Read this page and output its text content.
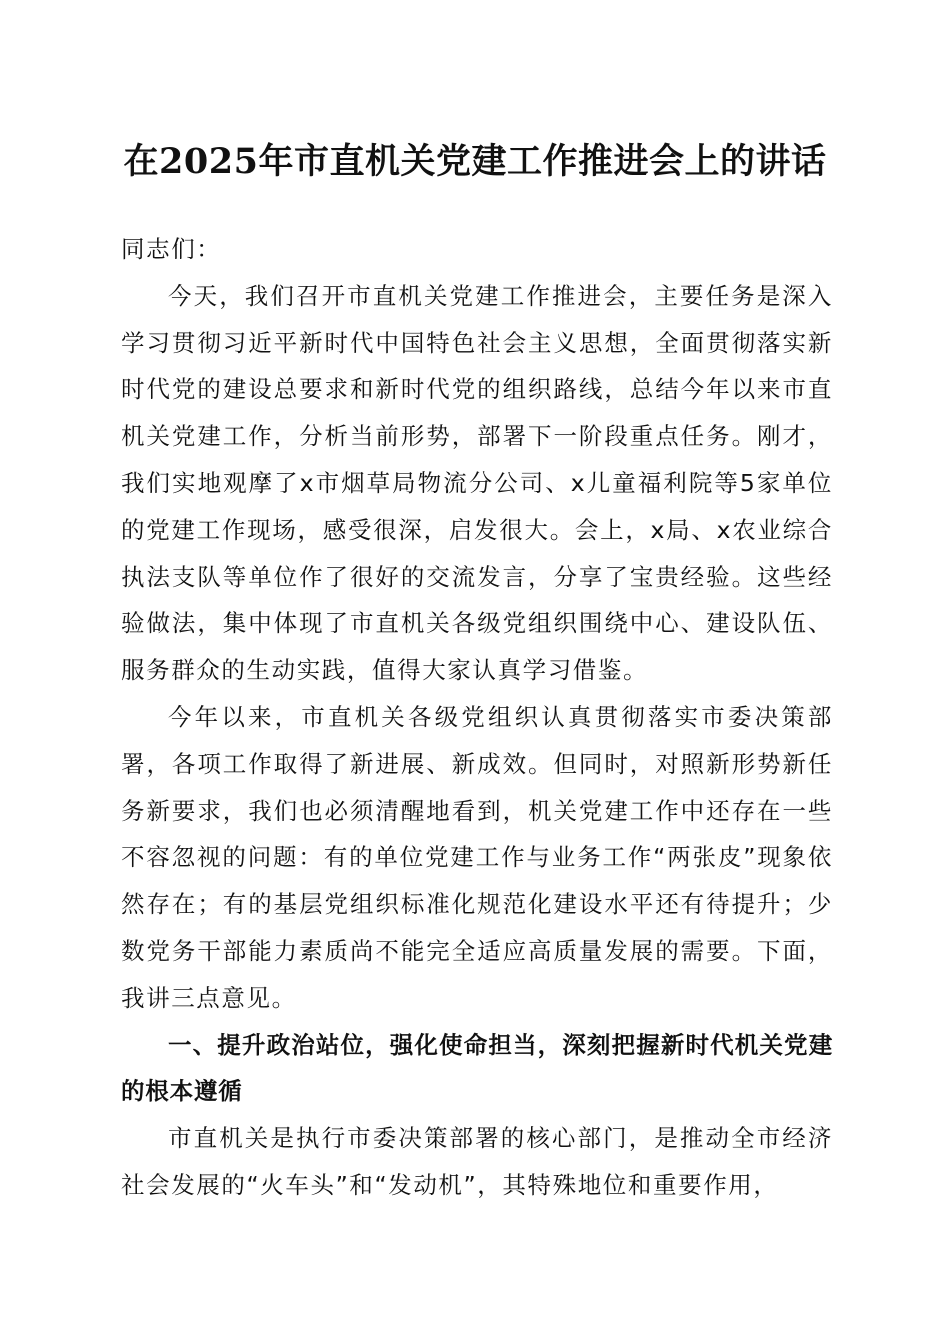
在2025年市直机关党建工作推进会上的讲话

同志们：

今天，我们召开市直机关党建工作推进会，主要任务是深入学习贯彻习近平新时代中国特色社会主义思想，全面贯彻落实新时代党的建设总要求和新时代党的组织路线，总结今年以来市直机关党建工作，分析当前形势，部署下一阶段重点任务。刚才，我们实地观摩了x市烟草局物流分公司、x儿童福利院等5家单位的党建工作现场，感受很深，启发很大。会上，x局、x农业综合执法支队等单位作了很好的交流发言，分享了宝贵经验。这些经验做法，集中体现了市直机关各级党组织围绕中心、建设队伍、服务群众的生动实践，值得大家认真学习借鉴。

今年以来，市直机关各级党组织认真贯彻落实市委决策部署，各项工作取得了新进展、新成效。但同时，对照新形势新任务新要求，我们也必须清醒地看到，机关党建工作中还存在一些不容忽视的问题：有的单位党建工作与业务工作“两张皮”现象依然存在；有的基层党组织标准化规范化建设水平还有待提升；少数党务干部能力素质尚不能完全适应高质量发展的需要。下面，我讲三点意见。

一、提升政治站位，强化使命担当，深刻把握新时代机关党建的根本遵循

市直机关是执行市委决策部署的核心部门，是推动全市经济社会发展的“火车头”和“发动机”，其特殊地位和重要作用，
